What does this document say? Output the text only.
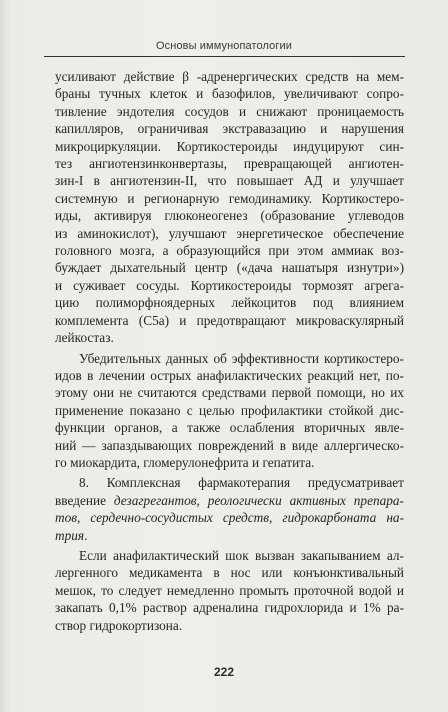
Основы иммунопатологии

усиливают действие β -адренергических средств на мем-
браны тучных клеток и базофилов, увеличивают сопро-
тивление эндотелия сосудов и снижают проницаемость
капилляров, ограничивая экстравазацию и нарушения
микроциркуляции. Кортикостероиды индуцируют син-
тез ангиотензинконвертазы, превращающей ангиотен-
зин-I в ангиотензин-II, что повышает АД и улучшает
системную и регионарную гемодинамику. Кортикостеро-
иды, активируя глюконеогенез (образование углеводов
из аминокислот), улучшают энергетическое обеспечение
головного мозга, а образующийся при этом аммиак воз-
буждает дыхательный центр («дача нашатыря изнутри»)
и суживает сосуды. Кортикостероиды тормозят агрега-
цию полиморфноядерных лейкоцитов под влиянием
комплемента (С5а) и предотвращают микроваскулярный
лейкостаз.

Убедительных данных об эффективности кортикостеро-
идов в лечении острых анафилактических реакций нет, по-
этому они не считаются средствами первой помощи, но их
применение показано с целью профилактики стойкой дис-
функции органов, а также ослабления вторичных явле-
ний — запаздывающих повреждений в виде аллергическо-
го миокардита, гломерулонефрита и гепатита.

8. Комплексная фармакотерапия предусматривает
введение дезагрегантов, реологически активных препара-
тов, сердечно-сосудистых средств, гидрокарбоната на-
трия.

Если анафилактический шок вызван закапыванием ал-
лергенного медикамента в нос или конъюнктивальный
мешок, то следует немедленно промыть проточной водой и
закапать 0,1% раствор адреналина гидрохлорида и 1% ра-
створ гидрокортизона.

222
